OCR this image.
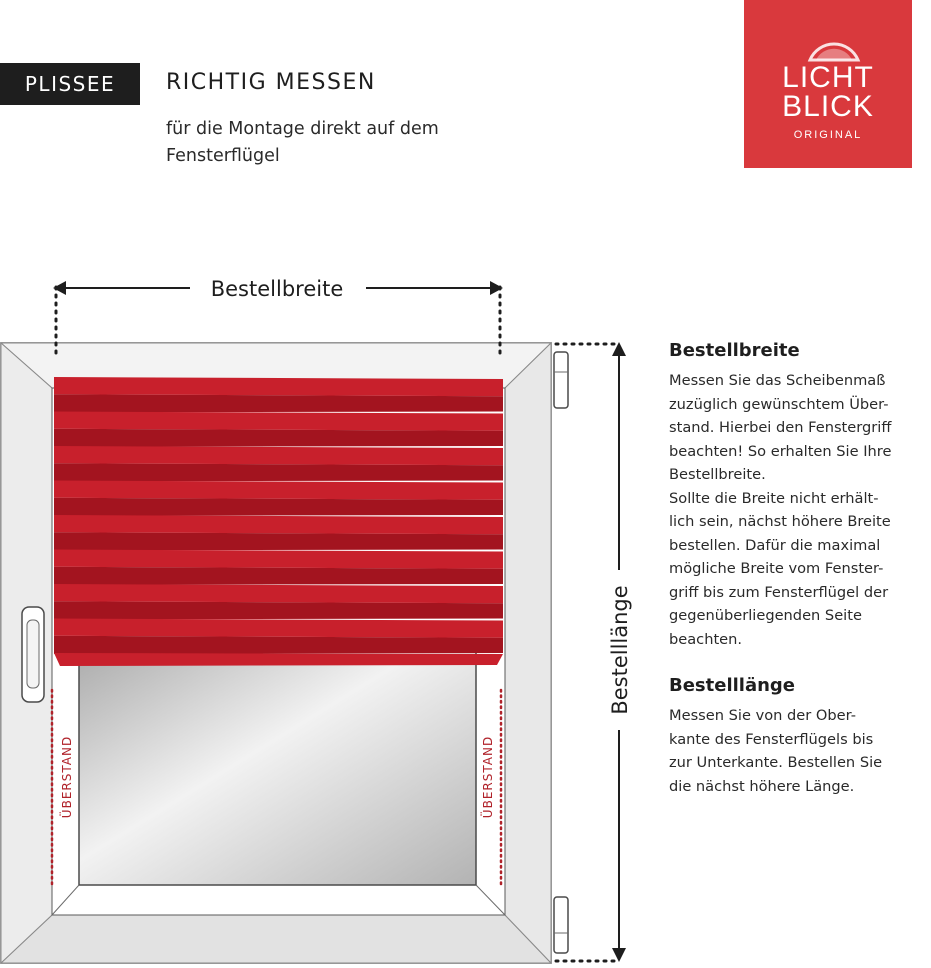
PLISSEE	RICHTIG MESSEN
für die Montage direkt auf dem Fensterflügel
LICHT
BLICK
ORIGINAL
Bestellbreite
Bestelllänge
ÜBERSTAND	ÜBERSTAND
Bestellbreite

Messen Sie das Scheibenmaß
zuzüglich gewünschtem Über-
stand. Hierbei den Fenstergriff
beachten! So erhalten Sie Ihre
Bestellbreite.
Sollte die Breite nicht erhält-
lich sein, nächst höhere Breite
bestellen. Dafür die maximal
mögliche Breite vom Fenster-
griff bis zum Fensterflügel der
gegenüberliegenden Seite
beachten.

Bestelllänge

Messen Sie von der Ober-
kante des Fensterflügels bis
zur Unterkante. Bestellen Sie
die nächst höhere Länge.
